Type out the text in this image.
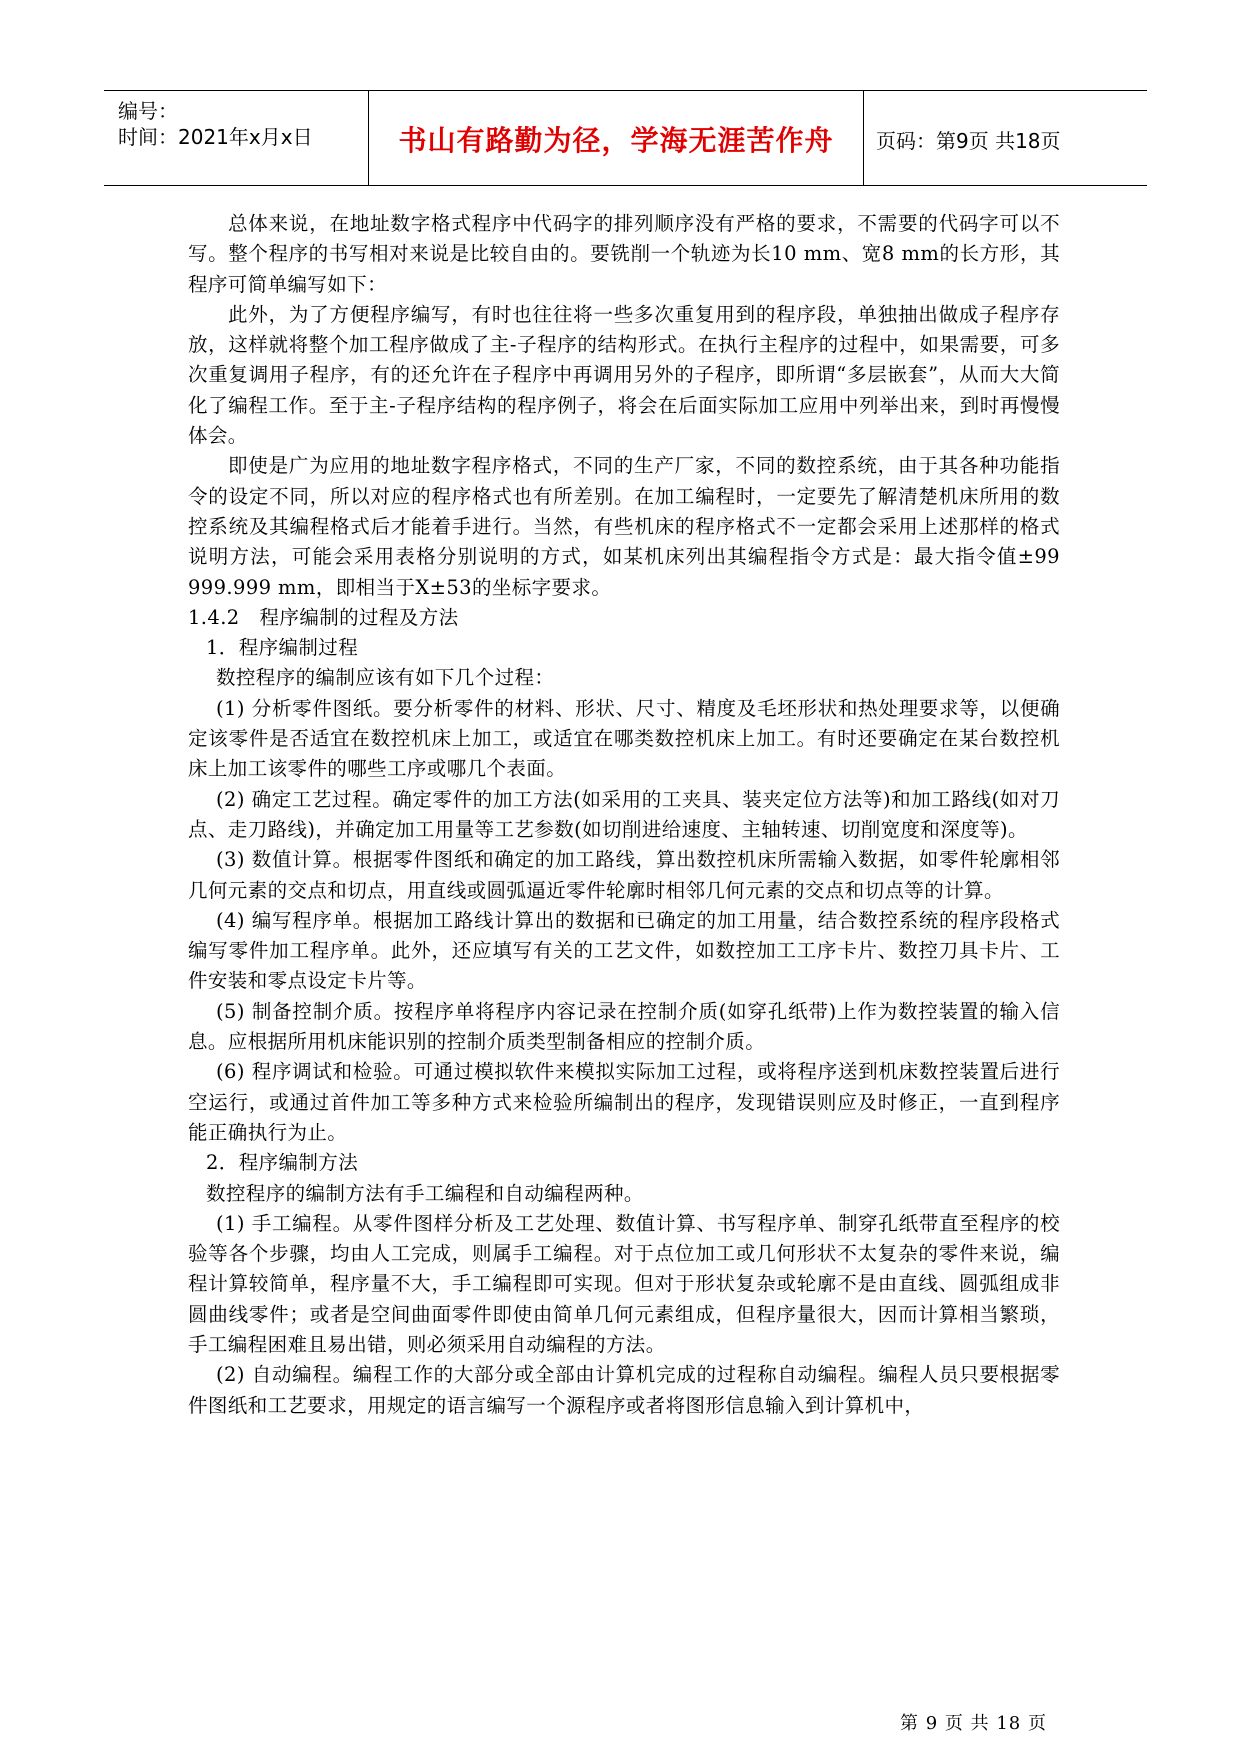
编号：
时间：2021年x月x日	书山有路勤为径，学海无涯苦作舟	页码：第9页 共18页

总体来说，在地址数字格式程序中代码字的排列顺序没有严格的要求，不需要的代码字可以不写。整个程序的书写相对来说是比较自由的。要铣削一个轨迹为长10 mm、宽8 mm的长方形，其程序可简单编写如下：

此外，为了方便程序编写，有时也往往将一些多次重复用到的程序段，单独抽出做成子程序存放，这样就将整个加工程序做成了主-子程序的结构形式。在执行主程序的过程中，如果需要，可多次重复调用子程序，有的还允许在子程序中再调用另外的子程序，即所谓“多层嵌套”，从而大大简化了编程工作。至于主-子程序结构的程序例子，将会在后面实际加工应用中列举出来，到时再慢慢体会。

即使是广为应用的地址数字程序格式，不同的生产厂家，不同的数控系统，由于其各种功能指令的设定不同，所以对应的程序格式也有所差别。在加工编程时，一定要先了解清楚机床所用的数控系统及其编程格式后才能着手进行。当然，有些机床的程序格式不一定都会采用上述那样的格式说明方法，可能会采用表格分别说明的方式，如某机床列出其编程指令方式是：最大指令值±99 999.999 mm，即相当于X±53的坐标字要求。

1.4.2　程序编制的过程及方法

1．程序编制过程

数控程序的编制应该有如下几个过程：

(1) 分析零件图纸。要分析零件的材料、形状、尺寸、精度及毛坯形状和热处理要求等，以便确定该零件是否适宜在数控机床上加工，或适宜在哪类数控机床上加工。有时还要确定在某台数控机床上加工该零件的哪些工序或哪几个表面。

(2) 确定工艺过程。确定零件的加工方法(如采用的工夹具、装夹定位方法等)和加工路线(如对刀点、走刀路线)，并确定加工用量等工艺参数(如切削进给速度、主轴转速、切削宽度和深度等)。

(3) 数值计算。根据零件图纸和确定的加工路线，算出数控机床所需输入数据，如零件轮廓相邻几何元素的交点和切点，用直线或圆弧逼近零件轮廓时相邻几何元素的交点和切点等的计算。

(4) 编写程序单。根据加工路线计算出的数据和已确定的加工用量，结合数控系统的程序段格式编写零件加工程序单。此外，还应填写有关的工艺文件，如数控加工工序卡片、数控刀具卡片、工件安装和零点设定卡片等。

(5) 制备控制介质。按程序单将程序内容记录在控制介质(如穿孔纸带)上作为数控装置的输入信息。应根据所用机床能识别的控制介质类型制备相应的控制介质。

(6) 程序调试和检验。可通过模拟软件来模拟实际加工过程，或将程序送到机床数控装置后进行空运行，或通过首件加工等多种方式来检验所编制出的程序，发现错误则应及时修正，一直到程序能正确执行为止。

2．程序编制方法

数控程序的编制方法有手工编程和自动编程两种。

(1) 手工编程。从零件图样分析及工艺处理、数值计算、书写程序单、制穿孔纸带直至程序的校验等各个步骤，均由人工完成，则属手工编程。对于点位加工或几何形状不太复杂的零件来说，编程计算较简单，程序量不大，手工编程即可实现。但对于形状复杂或轮廓不是由直线、圆弧组成非圆曲线零件；或者是空间曲面零件即使由简单几何元素组成，但程序量很大，因而计算相当繁琐，手工编程困难且易出错，则必须采用自动编程的方法。

(2) 自动编程。编程工作的大部分或全部由计算机完成的过程称自动编程。编程人员只要根据零件图纸和工艺要求，用规定的语言编写一个源程序或者将图形信息输入到计算机中，

第 9 页 共 18 页
